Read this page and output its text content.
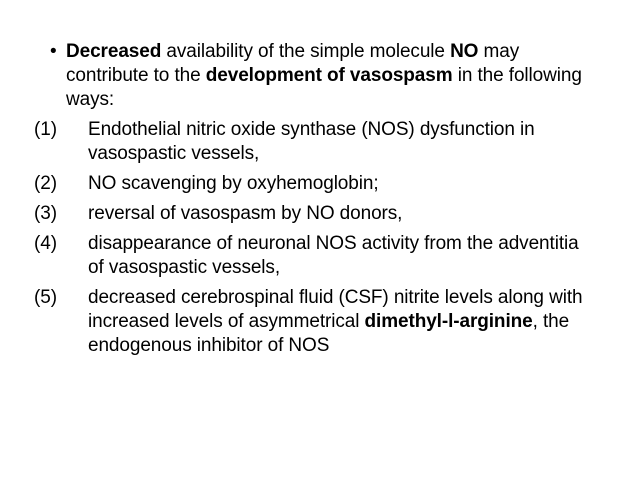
• Decreased availability of the simple molecule NO may contribute to the development of vasospasm in the following ways:
(1) Endothelial nitric oxide synthase (NOS) dysfunction in vasospastic vessels,
(2) NO scavenging by oxyhemoglobin;
(3) reversal of vasospasm by NO donors,
(4) disappearance of neuronal NOS activity from the adventitia of vasospastic vessels,
(5) decreased cerebrospinal fluid (CSF) nitrite levels along with increased levels of asymmetrical dimethyl-l-arginine, the endogenous inhibitor of NOS
